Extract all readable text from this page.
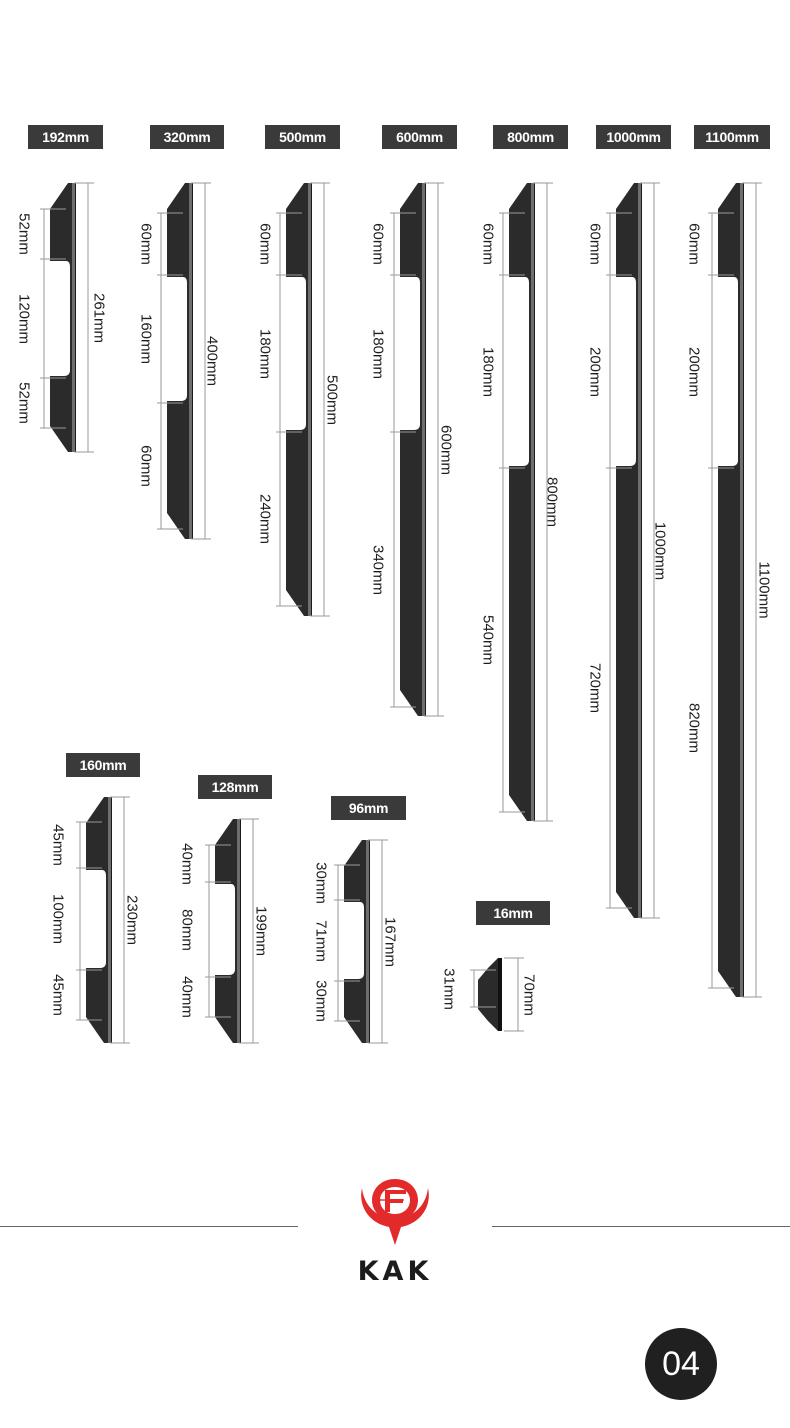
192mm
52mm
120mm
52mm
261mm
320mm
60mm
160mm
60mm
400mm
500mm
60mm
180mm
240mm
500mm
600mm
60mm
180mm
340mm
600mm
800mm
60mm
180mm
540mm
800mm
1000mm
60mm
200mm
720mm
1000mm
1100mm
60mm
200mm
820mm
1100mm
160mm
45mm
100mm
45mm
230mm
128mm
40mm
80mm
40mm
199mm
96mm
30mm
71mm
30mm
167mm
16mm
31mm	70mm
KAK
04
